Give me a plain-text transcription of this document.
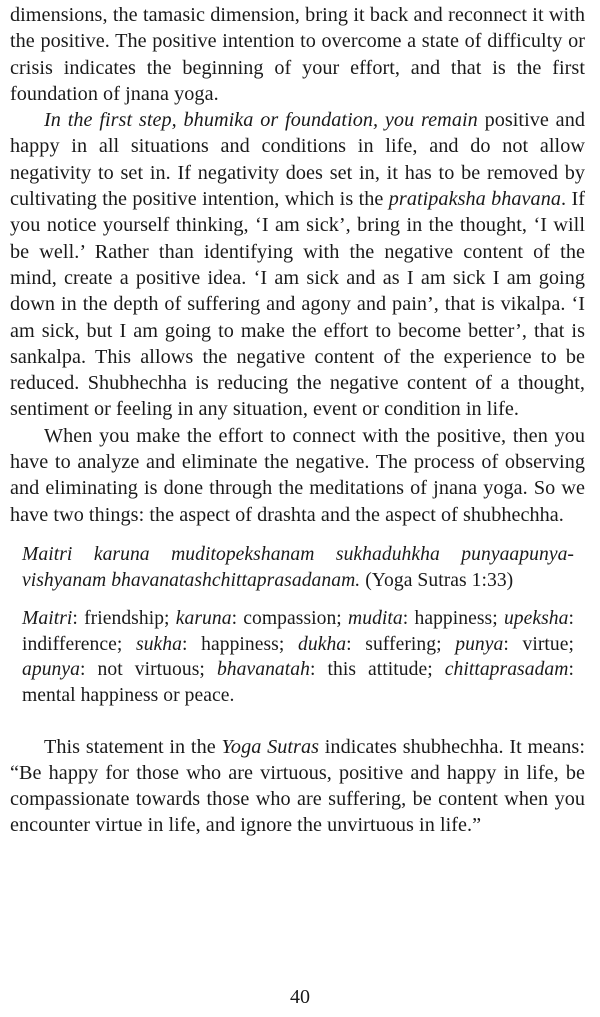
dimensions, the tamasic dimension, bring it back and reconnect it with the positive. The positive intention to overcome a state of difficulty or crisis indicates the beginning of your effort, and that is the first foundation of jnana yoga.

In the first step, bhumika or foundation, you remain positive and happy in all situations and conditions in life, and do not allow negativity to set in. If negativity does set in, it has to be removed by cultivating the positive intention, which is the pratipaksha bhavana. If you notice yourself thinking, ‘I am sick’, bring in the thought, ‘I will be well.’ Rather than identifying with the negative content of the mind, create a positive idea. ‘I am sick and as I am sick I am going down in the depth of suffering and agony and pain’, that is vikalpa. ‘I am sick, but I am going to make the effort to become better’, that is sankalpa. This allows the negative content of the experience to be reduced. Shubhechha is reducing the negative content of a thought, sentiment or feeling in any situation, event or condition in life.

When you make the effort to connect with the positive, then you have to analyze and eliminate the negative. The process of observing and eliminating is done through the meditations of jnana yoga. So we have two things: the aspect of drashta and the aspect of shubhechha.

Maitri karuna muditopekshanam sukhaduhkha punyaapunya-vishyanam bhavanatashchittaprasadanam. (Yoga Sutras 1:33)

Maitri: friendship; karuna: compassion; mudita: happiness; upeksha: indifference; sukha: happiness; dukha: suffering; punya: virtue; apunya: not virtuous; bhavanatah: this attitude; chittaprasadam: mental happiness or peace.

This statement in the Yoga Sutras indicates shubhechha. It means: “Be happy for those who are virtuous, positive and happy in life, be compassionate towards those who are suffering, be content when you encounter virtue in life, and ignore the unvirtuous in life.”

40
